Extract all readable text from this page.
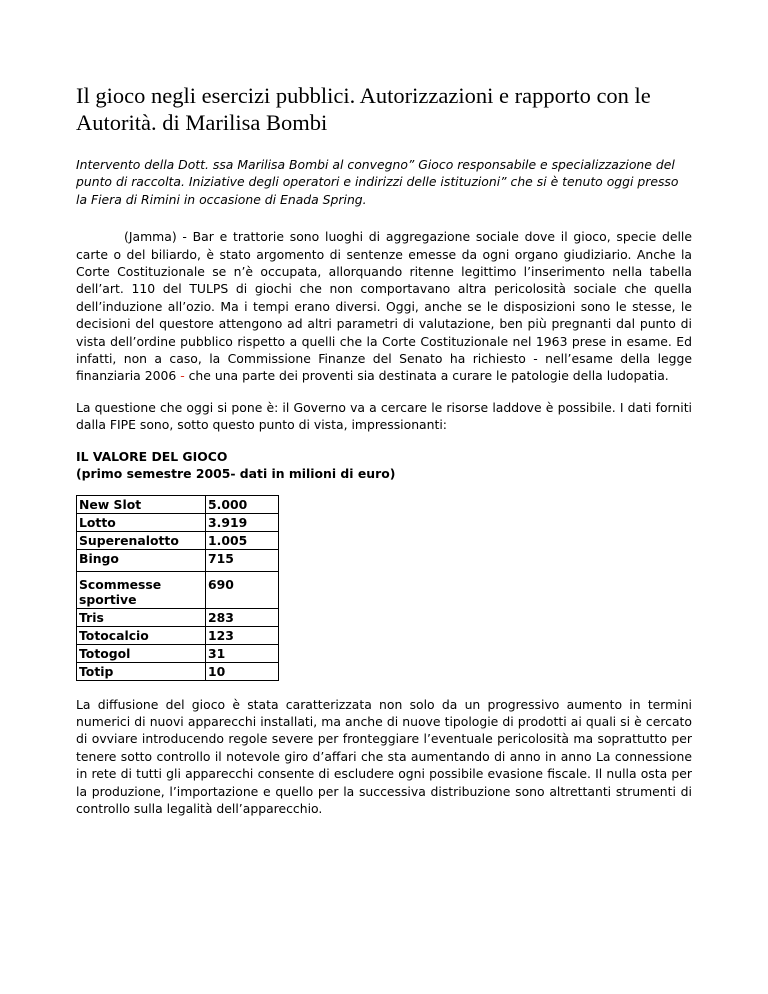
Il gioco negli esercizi pubblici. Autorizzazioni e rapporto con le Autorità. di Marilisa Bombi

Intervento della Dott. ssa Marilisa Bombi al convegno” Gioco responsabile e specializzazione del punto di raccolta. Iniziative degli operatori e indirizzi delle istituzioni” che si è tenuto oggi presso la Fiera di Rimini in occasione di Enada Spring.

(Jamma) - Bar e trattorie sono luoghi di aggregazione sociale dove il gioco, specie delle carte o del biliardo, è stato argomento di sentenze emesse da ogni organo giudiziario. Anche la Corte Costituzionale se n’è occupata, allorquando ritenne legittimo l’inserimento nella tabella dell’art. 110 del TULPS di giochi che non comportavano altra pericolosità sociale che quella dell’induzione all’ozio. Ma i tempi erano diversi. Oggi, anche se le disposizioni sono le stesse, le decisioni del questore attengono ad altri parametri di valutazione, ben più pregnanti dal punto di vista dell’ordine pubblico rispetto a quelli che la Corte Costituzionale nel 1963 prese in esame. Ed infatti, non a caso, la Commissione Finanze del Senato ha richiesto - nell’esame della legge finanziaria 2006 - che una parte dei proventi sia destinata a curare le patologie della ludopatia.

La questione che oggi si pone è: il Governo va a cercare le risorse laddove è possibile. I dati forniti dalla FIPE sono, sotto questo punto di vista, impressionanti:

IL VALORE DEL GIOCO
(primo semestre 2005- dati in milioni di euro)
New Slot		5.000
Lotto		3.919
Superenalotto		1.005
Bingo		715
Scommesse sportive		690
Tris		283
Totocalcio		123
Totogol		31
Totip		10

La diffusione del gioco è stata caratterizzata non solo da un progressivo aumento in termini numerici di nuovi apparecchi installati, ma anche di nuove tipologie di prodotti ai quali si è cercato di ovviare introducendo regole severe per fronteggiare l’eventuale pericolosità ma soprattutto per tenere sotto controllo il notevole giro d’affari che sta aumentando di anno in anno La connessione in rete di tutti gli apparecchi consente di escludere ogni possibile evasione fiscale. Il nulla osta per la produzione, l’importazione e quello per la successiva distribuzione sono altrettanti strumenti di controllo sulla legalità dell’apparecchio.
